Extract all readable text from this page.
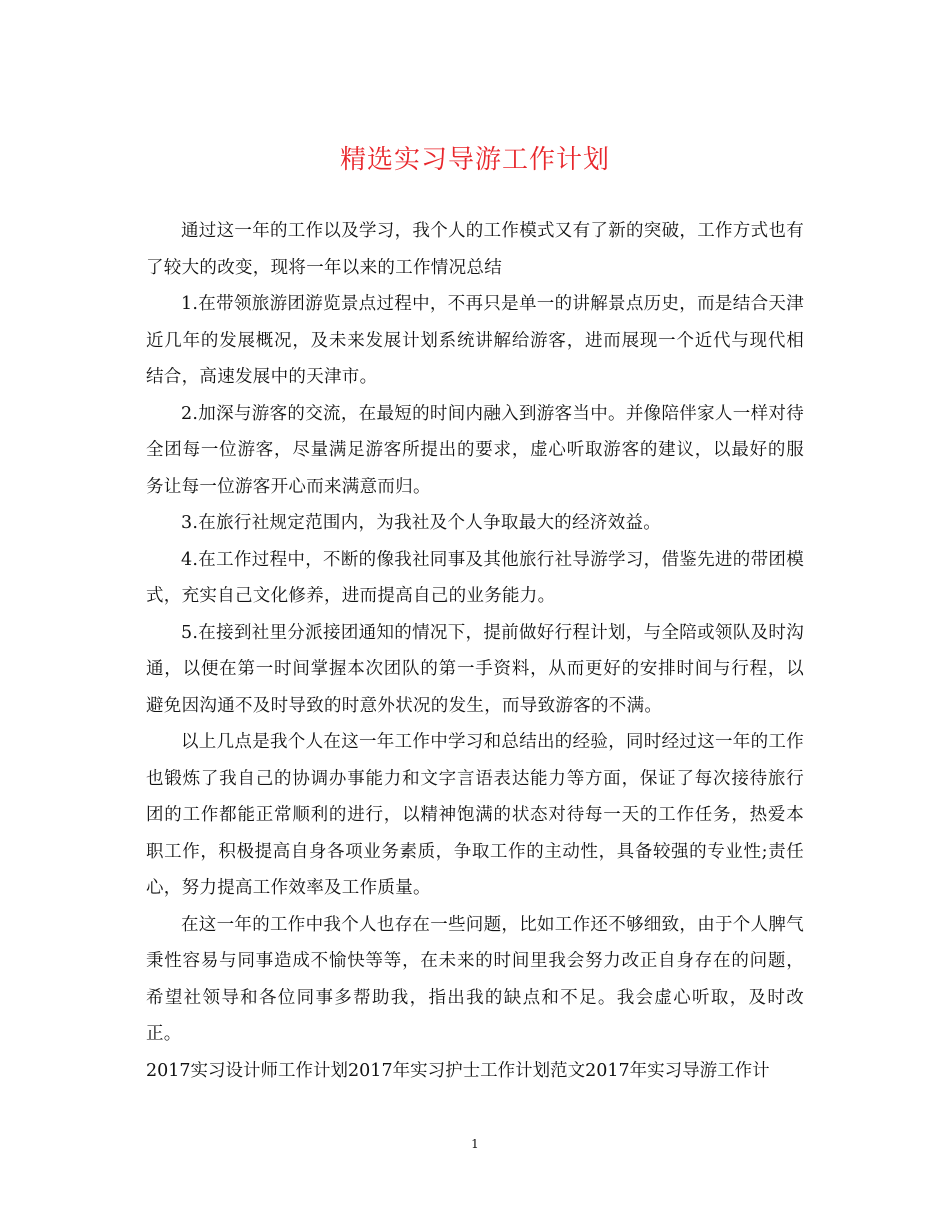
精选实习导游工作计划

通过这一年的工作以及学习，我个人的工作模式又有了新的突破，工作方式也有了较大的改变，现将一年以来的工作情况总结

1.在带领旅游团游览景点过程中，不再只是单一的讲解景点历史，而是结合天津近几年的发展概况，及未来发展计划系统讲解给游客，进而展现一个近代与现代相结合，高速发展中的天津市。

2.加深与游客的交流，在最短的时间内融入到游客当中。并像陪伴家人一样对待全团每一位游客，尽量满足游客所提出的要求，虚心听取游客的建议，以最好的服务让每一位游客开心而来满意而归。

3.在旅行社规定范围内，为我社及个人争取最大的经济效益。

4.在工作过程中，不断的像我社同事及其他旅行社导游学习，借鉴先进的带团模式，充实自己文化修养，进而提高自己的业务能力。

5.在接到社里分派接团通知的情况下，提前做好行程计划，与全陪或领队及时沟通，以便在第一时间掌握本次团队的第一手资料，从而更好的安排时间与行程，以避免因沟通不及时导致的时意外状况的发生，而导致游客的不满。

以上几点是我个人在这一年工作中学习和总结出的经验，同时经过这一年的工作也锻炼了我自己的协调办事能力和文字言语表达能力等方面，保证了每次接待旅行团的工作都能正常顺利的进行，以精神饱满的状态对待每一天的工作任务，热爱本职工作，积极提高自身各项业务素质，争取工作的主动性，具备较强的专业性;责任心，努力提高工作效率及工作质量。

在这一年的工作中我个人也存在一些问题，比如工作还不够细致，由于个人脾气秉性容易与同事造成不愉快等等，在未来的时间里我会努力改正自身存在的问题，希望社领导和各位同事多帮助我，指出我的缺点和不足。我会虚心听取，及时改正。

2017实习设计师工作计划2017年实习护士工作计划范文2017年实习导游工作计

1
